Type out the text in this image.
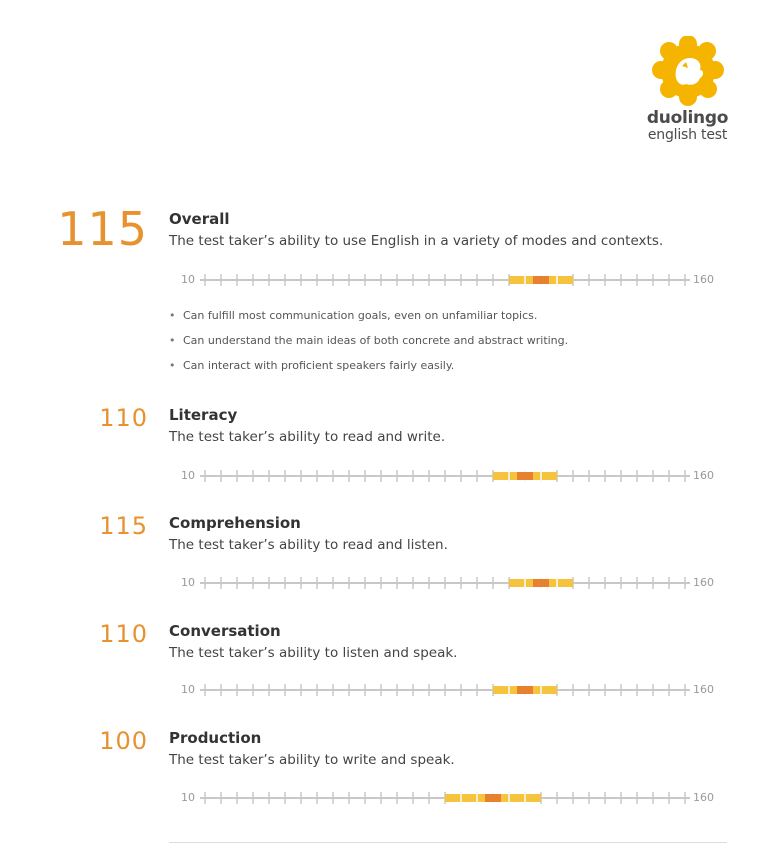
duolingo
english test
115 Overall
The test taker’s ability to use English in a variety of modes and contexts.
10	160
• Can fulfill most communication goals, even on unfamiliar topics.
• Can understand the main ideas of both concrete and abstract writing.
• Can interact with proficient speakers fairly easily.
110 Literacy
The test taker’s ability to read and write.
10	160
115 Comprehension
The test taker’s ability to read and listen.
10	160
110 Conversation
The test taker’s ability to listen and speak.
10	160
100 Production
The test taker’s ability to write and speak.
10	160
